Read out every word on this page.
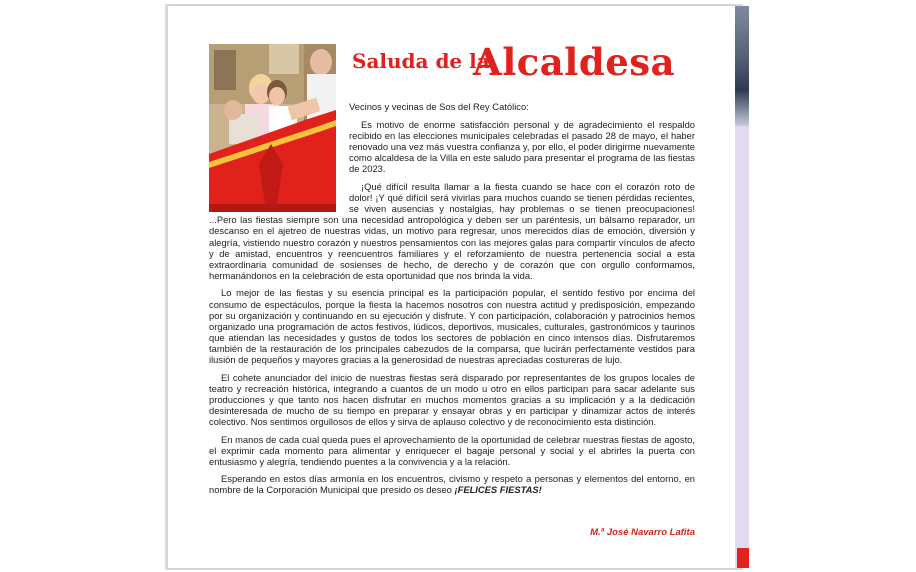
Saluda de la
Alcaldesa

Vecinos y vecinas de Sos del Rey Católico:

Es motivo de enorme satisfacción personal y de agradecimiento el respaldo recibido en las elecciones municipales celebradas el pasado 28 de mayo, el haber renovado una vez más vuestra confianza y, por ello, el poder dirigirme nuevamente como alcaldesa de la Villa en este saludo para presentar el programa de las fiestas de 2023.

¡Qué difícil resulta llamar a la fiesta cuando se hace con el corazón roto de dolor! ¡Y qué difícil será vivirlas para muchos cuando se tienen pérdidas recientes, se viven ausencias y nostalgias, hay problemas o se tienen preocupaciones! ...Pero las fiestas siempre son una necesidad antropológica y deben ser un paréntesis, un bálsamo reparador, un descanso en el ajetreo de nuestras vidas, un motivo para regresar, unos merecidos días de emoción, diversión y alegría, vistiendo nuestro corazón y nuestros pensamientos con las mejores galas para compartir vínculos de afecto y de amistad, encuentros y reencuentros familiares y el reforzamiento de nuestra pertenencia social a esta extraordinaria comunidad de sosienses de hecho, de derecho y de corazón que con orgullo conformamos, hermanándonos en la celebración de esta oportunidad que nos brinda la vida.

Lo mejor de las fiestas y su esencia principal es la participación popular, el sentido festivo por encima del consumo de espectáculos, porque la fiesta la hacemos nosotros con nuestra actitud y predisposición, empezando por su organización y continuando en su ejecución y disfrute. Y con participación, colaboración y patrocinios hemos organizado una programación de actos festivos, lúdicos, deportivos, musicales, culturales, gastronómicos y taurinos que atiendan las necesidades y gustos de todos los sectores de población en cinco intensos días. Disfrutaremos también de la restauración de los principales cabezudos de la comparsa, que lucirán perfectamente vestidos para ilusión de pequeños y mayores gracias a la generosidad de nuestras apreciadas costureras de lujo.

El cohete anunciador del inicio de nuestras fiestas será disparado por representantes de los grupos locales de teatro y recreación histórica, integrando a cuantos de un modo u otro en ellos participan para sacar adelante sus producciones y que tanto nos hacen disfrutar en muchos momentos gracias a su implicación y a la dedicación desinteresada de mucho de su tiempo en preparar y ensayar obras y en participar y dinamizar actos de interés colectivo. Nos sentimos orgullosos de ellos y sirva de aplauso colectivo y de reconocimiento esta distinción.

En manos de cada cual queda pues el aprovechamiento de la oportunidad de celebrar nuestras fiestas de agosto, el exprimir cada momento para alimentar y enriquecer el bagaje personal y social y el abrirles la puerta con entusiasmo y alegría, tendiendo puentes a la convivencia y a la relación.

Esperando en estos días armonía en los encuentros, civismo y respeto a personas y elementos del entorno, en nombre de la Corporación Municipal que presido os deseo ¡FELICES FIESTAS!

M.ª José Navarro Lafita
